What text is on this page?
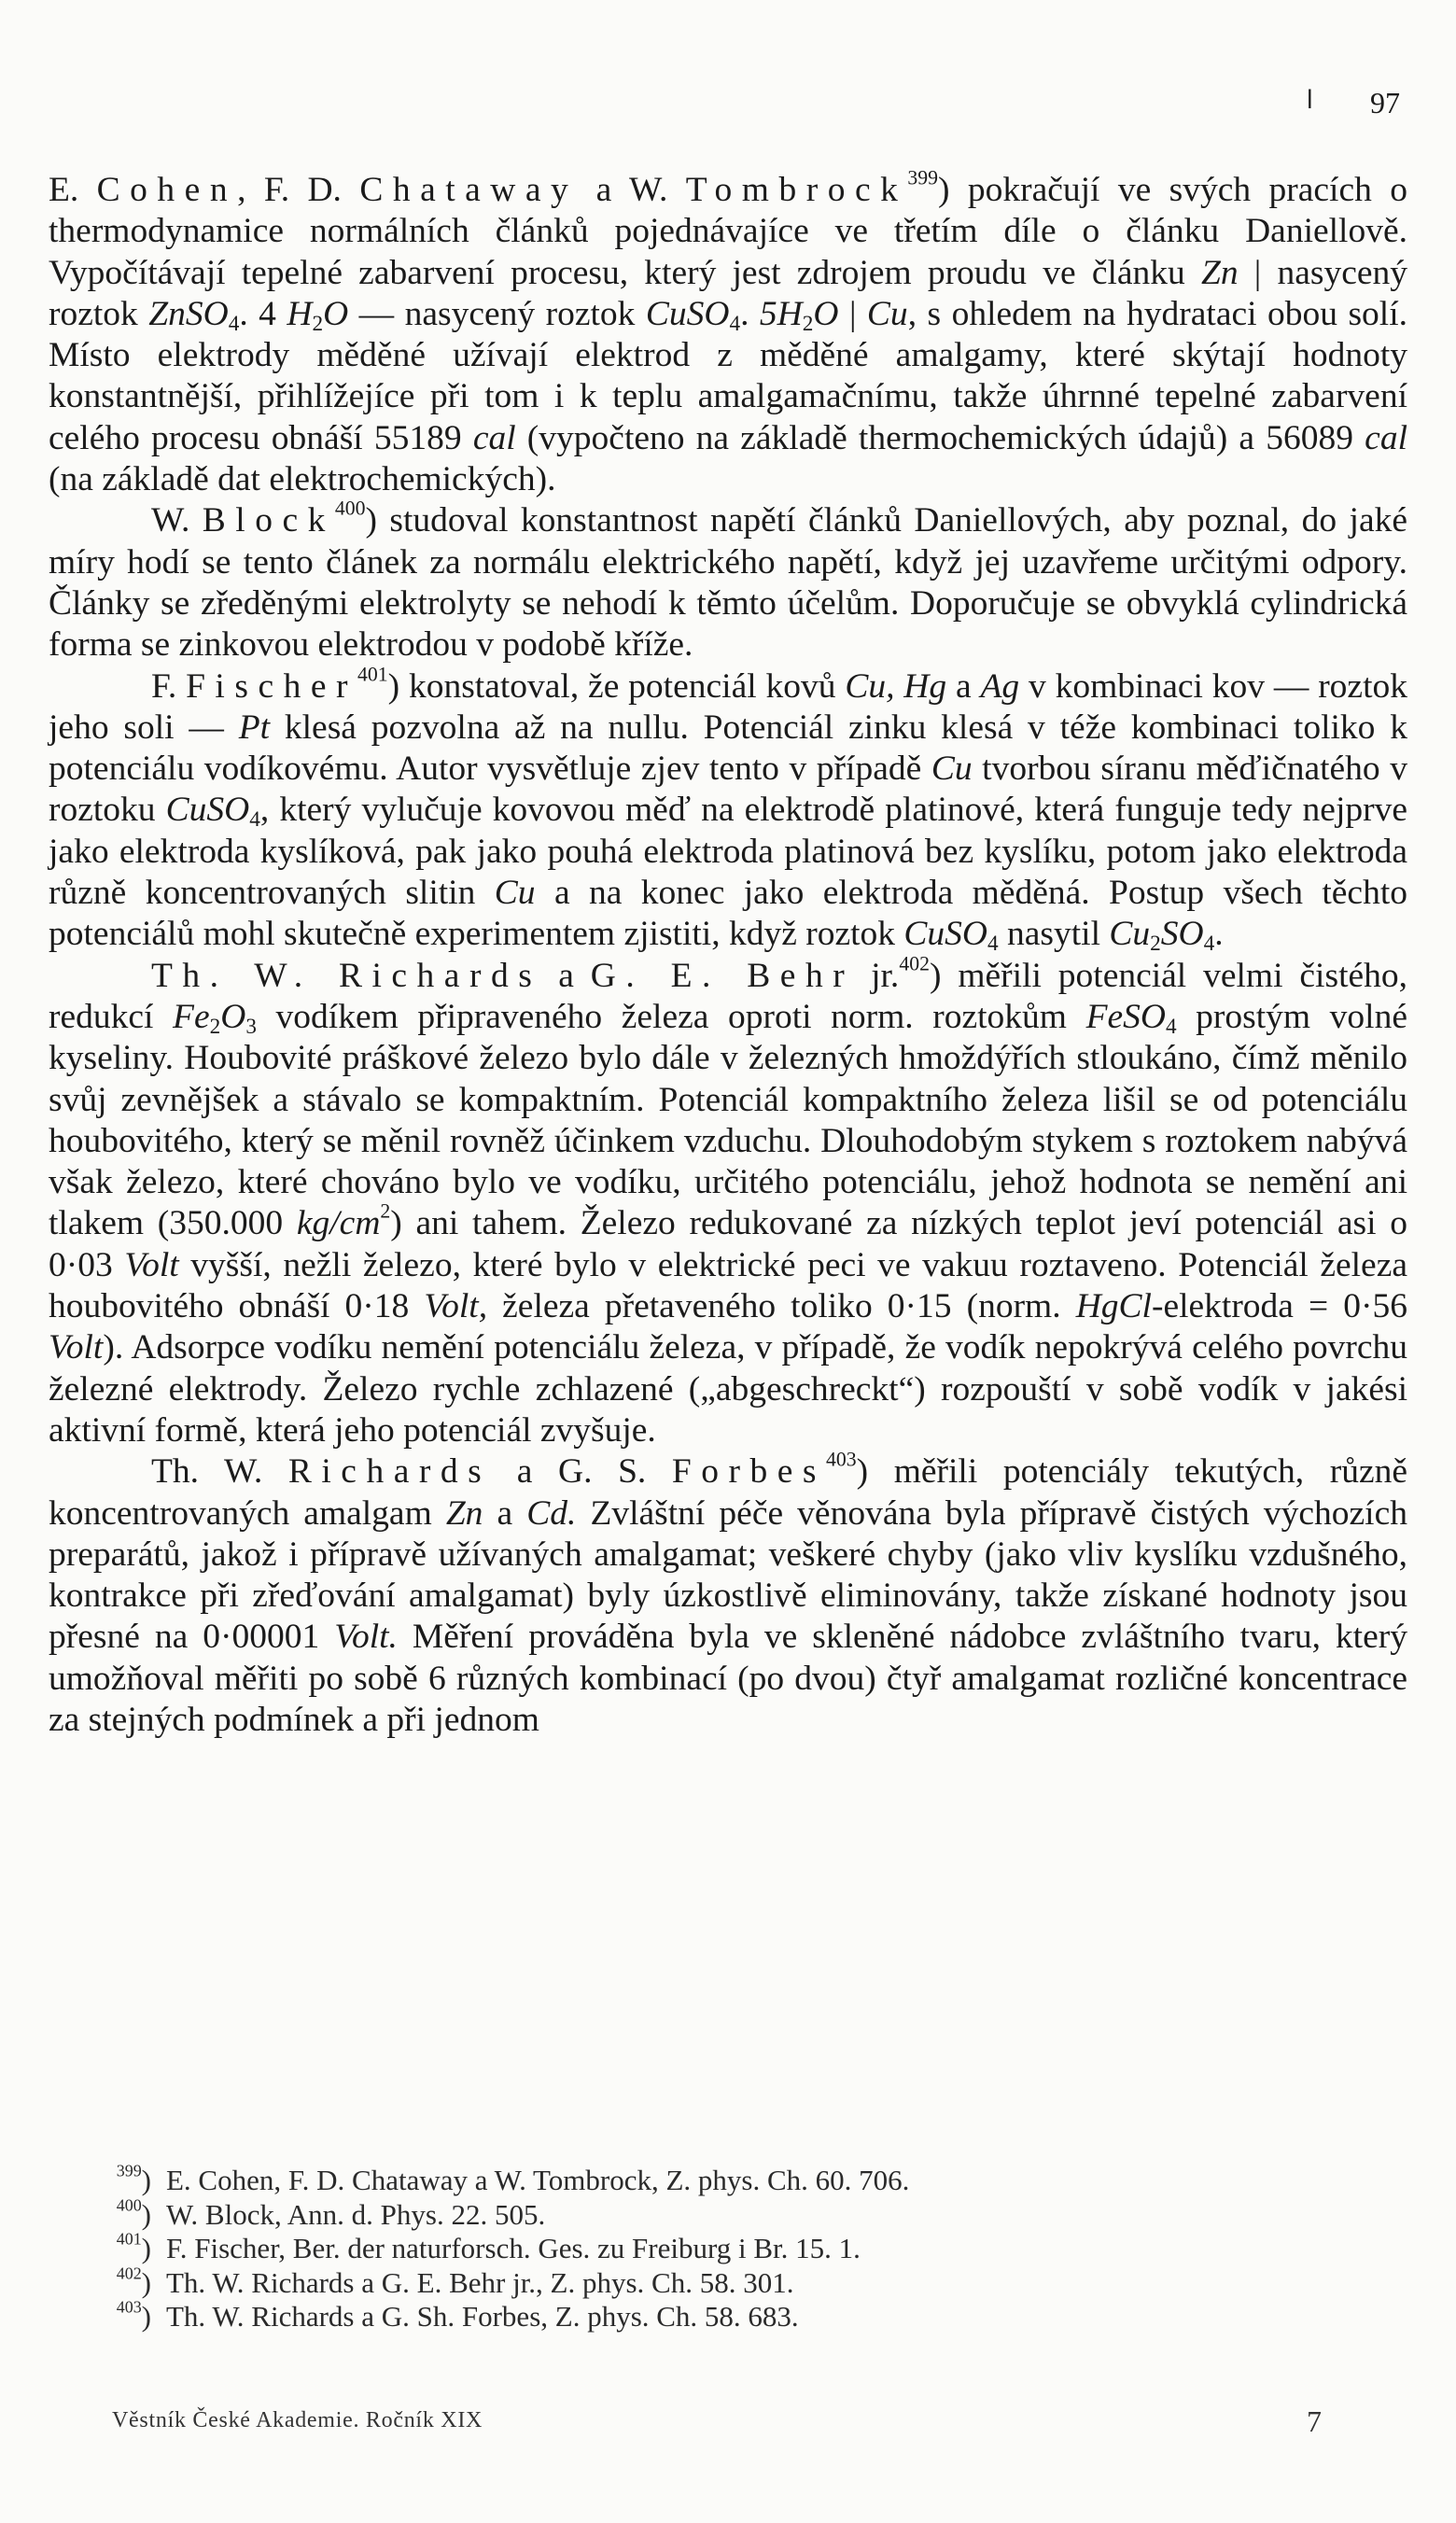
ǀ 97

E. Cohen, F. D. Chataway a W. Tombrock$^{399}$) pokračují ve svých pracích o thermodynamice normálních článků pojednávajíce ve třetím díle o článku Daniellově. Vypočítávají tepelné zabarvení procesu, který jest zdrojem proudu ve článku Zn | nasycený roztok ZnSO$_4$. 4 $H_2O$ — nasycený roztok CuSO$_4$. $5H_2O$ | Cu, s ohledem na hydrataci obou solí. Místo elektrody měděné užívají elektrod z měděné amalgamy, které skýtají hodnoty konstantnější, přihlížejíce při tom i k teplu amalgamačnímu, takže úhrnné tepelné zabarvení celého procesu obnáší 55189 cal (vypočteno na základě thermochemických údajů) a 56089 cal (na základě dat elektrochemických).

W. Block$^{400}$) studoval konstantnost napětí článků Daniellových, aby poznal, do jaké míry hodí se tento článek za normálu elektrického napětí, když jej uzavřeme určitými odpory. Články se zředěnými elektrolyty se nehodí k těmto účelům. Doporučuje se obvyklá cylindrická forma se zinkovou elektrodou v podobě kříže.

F. Fischer$^{401}$) konstatoval, že potenciál kovů Cu, Hg a Ag v kombinaci kov — roztok jeho soli — Pt klesá pozvolna až na nullu. Potenciál zinku klesá v téže kombinaci toliko k potenciálu vodíkovému. Autor vysvětluje zjev tento v případě Cu tvorbou síranu měďičnatého v roztoku CuSO$_4$, který vylučuje kovovou měď na elektrodě platinové, která funguje tedy nejprve jako elektroda kyslíková, pak jako pouhá elektroda platinová bez kyslíku, potom jako elektroda různě koncentrovaných slitin Cu a na konec jako elektroda měděná. Postup všech těchto potenciálů mohl skutečně experimentem zjistiti, když roztok CuSO$_4$ nasytil $Cu_2SO_4$.

Th. W. Richards a G. E. Behr jr.$^{402}$) měřili potenciál velmi čistého, redukcí $Fe_2O_3$ vodíkem připraveného železa oproti norm. roztokům FeSO$_4$ prostým volné kyseliny. Houbovité práškové železo bylo dále v železných hmoždýřích stloukáno, čímž měnilo svůj zevnějšek a stávalo se kompaktním. Potenciál kompaktního železa lišil se od potenciálu houbovitého, který se měnil rovněž účinkem vzduchu. Dlouhodobým stykem s roztokem nabývá však železo, které chováno bylo ve vodíku, určitého potenciálu, jehož hodnota se nemění ani tlakem (350.000 $kg/cm^2$) ani tahem. Železo redukované za nízkých teplot jeví potenciál asi o 0·03 Volt vyšší, nežli železo, které bylo v elektrické peci ve vakuu roztaveno. Potenciál železa houbovitého obnáší 0·18 Volt, železa přetaveného toliko 0·15 (norm. HgCl-elektroda = 0·56 Volt). Adsorpce vodíku nemění potenciálu železa, v případě, že vodík nepokrývá celého povrchu železné elektrody. Železo rychle zchlazené („abgeschreckt“) rozpouští v sobě vodík v jakési aktivní formě, která jeho potenciál zvyšuje.

Th. W. Richards a G. S. Forbes$^{403}$) měřili potenciály tekutých, různě koncentrovaných amalgam Zn a Cd. Zvláštní péče věnována byla přípravě čistých výchozích preparátů, jakož i přípravě užívaných amalgamat; veškeré chyby (jako vliv kyslíku vzdušného, kontrakce při zřeďování amalgamat) byly úzkostlivě eliminovány, takže získané hodnoty jsou přesné na 0·00001 Volt. Měření prováděna byla ve skleněné nádobce zvláštního tvaru, který umožňoval měřiti po sobě 6 různých kombinací (po dvou) čtyř amalgamat rozličné koncentrace za stejných podmínek a při jednom

$^{399}$) E. Cohen, F. D. Chataway a W. Tombrock, Z. phys. Ch. 60. 706.

$^{400}$) W. Block, Ann. d. Phys. 22. 505.

$^{401}$) F. Fischer, Ber. der naturforsch. Ges. zu Freiburg i Br. 15. 1.

$^{402}$) Th. W. Richards a G. E. Behr jr., Z. phys. Ch. 58. 301.

$^{403}$) Th. W. Richards a G. Sh. Forbes, Z. phys. Ch. 58. 683.

Věstník České Akademie. Ročník XIX	7
